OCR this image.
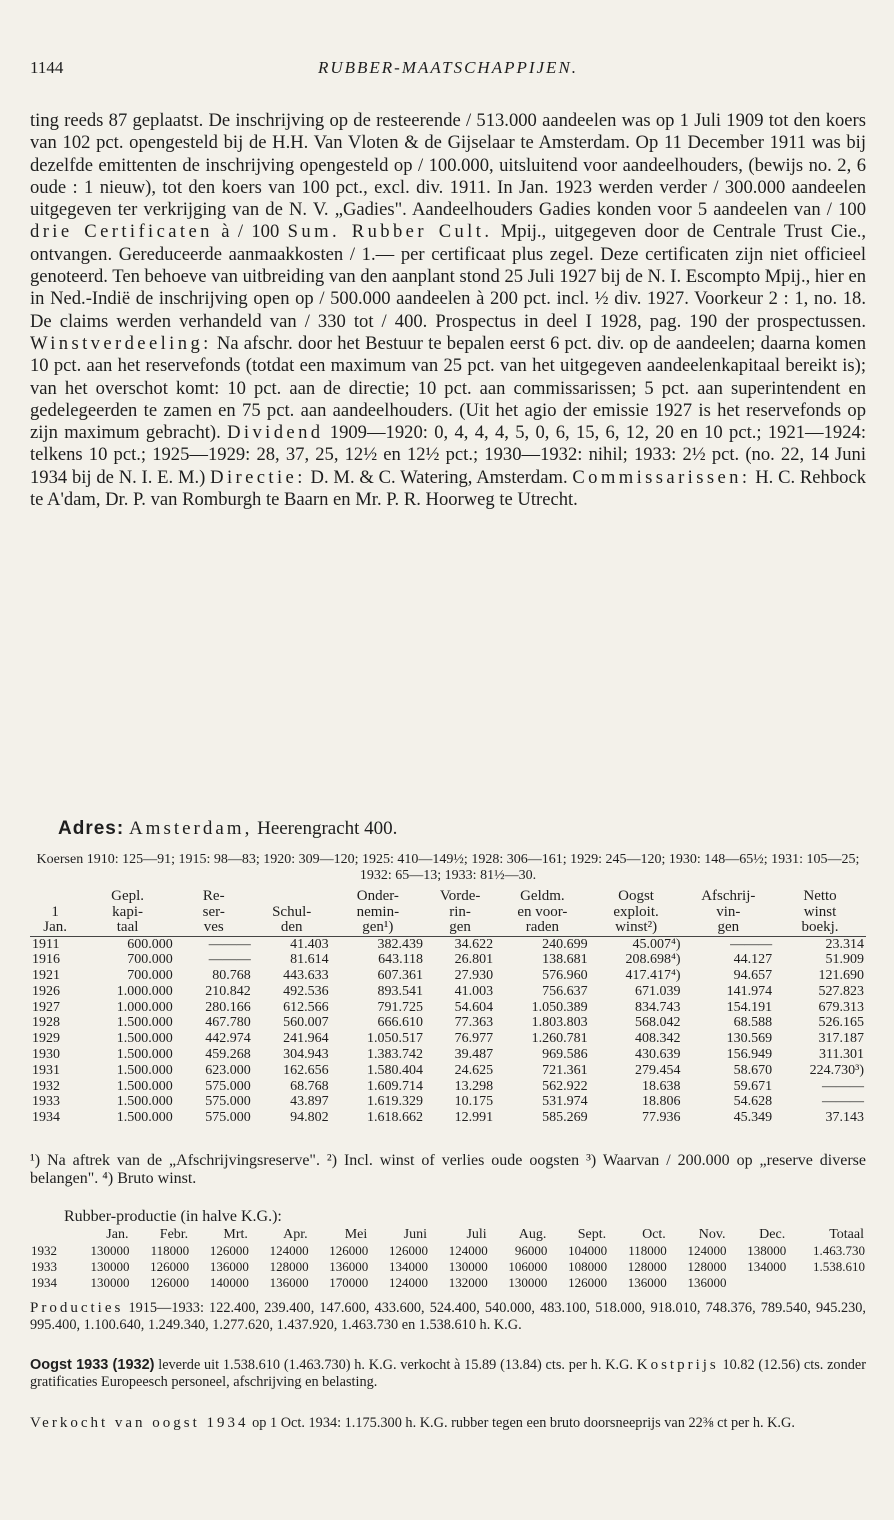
1144	RUBBER-MAATSCHAPPIJEN.

ting reeds 87 geplaatst. De inschrijving op de resteerende / 513.000 aandeelen was op 1 Juli 1909 tot den koers van 102 pct. opengesteld bij de H.H. Van Vloten & de Gijselaar te Amsterdam. Op 11 December 1911 was bij dezelfde emittenten de inschrijving opengesteld op / 100.000, uitsluitend voor aandeelhouders, (bewijs no. 2, 6 oude : 1 nieuw), tot den koers van 100 pct., excl. div. 1911. In Jan. 1923 werden verder / 300.000 aandeelen uitgegeven ter verkrijging van de N. V. „Gadies". Aandeelhouders Gadies konden voor 5 aandeelen van / 100 drie Certificaten à / 100 Sum. Rubber Cult. Mpij., uitgegeven door de Centrale Trust Cie., ontvangen. Gereduceerde aanmaakkosten / 1.— per certificaat plus zegel. Deze certificaten zijn niet officieel genoteerd. Ten behoeve van uitbreiding van den aanplant stond 25 Juli 1927 bij de N. I. Escompto Mpij., hier en in Ned.-Indië de inschrijving open op / 500.000 aandeelen à 200 pct. incl. ½ div. 1927. Voorkeur 2 : 1, no. 18. De claims werden verhandeld van / 330 tot / 400. Prospectus in deel I 1928, pag. 190 der prospectussen. Winstverdeeling: Na afschr. door het Bestuur te bepalen eerst 6 pct. div. op de aandeelen; daarna komen 10 pct. aan het reservefonds (totdat een maximum van 25 pct. van het uitgegeven aandeelenkapitaal bereikt is); van het overschot komt: 10 pct. aan de directie; 10 pct. aan commissarissen; 5 pct. aan superintendent en gedelegeerden te zamen en 75 pct. aan aandeelhouders. (Uit het agio der emissie 1927 is het reservefonds op zijn maximum gebracht). Dividend 1909—1920: 0, 4, 4, 4, 5, 0, 6, 15, 6, 12, 20 en 10 pct.; 1921—1924: telkens 10 pct.; 1925—1929: 28, 37, 25, 12½ en 12½ pct.; 1930—1932: nihil; 1933: 2½ pct. (no. 22, 14 Juni 1934 bij de N. I. E. M.) Directie: D. M. & C. Watering, Amsterdam. Commissarissen: H. C. Rehbock te A'dam, Dr. P. van Romburgh te Baarn en Mr. P. R. Hoorweg te Utrecht.

Adres: Amsterdam, Heerengracht 400.

Koersen 1910: 125—91; 1915: 98—83; 1920: 309—120; 1925: 410—149½; 1928: 306—161; 1929: 245—120; 1930: 148—65½; 1931: 105—25; 1932: 65—13; 1933: 81½—30.

	Gepl.	Re-		Onder-	Vorde-	Geldm.	Oogst	Afschrij-	Netto
1	kapi-	ser-	Schul-	nemin-	rin-	en voor-	exploit.	vin-	winst
Jan.	taal	ves	den	gen¹)	gen	raden	winst²)	gen	boekj.
1911	600.000	———	41.403	382.439	34.622	240.699	45.007⁴)	———	23.314
1916	700.000	———	81.614	643.118	26.801	138.681	208.698⁴)	44.127	51.909
1921	700.000	80.768	443.633	607.361	27.930	576.960	417.417⁴)	94.657	121.690
1926	1.000.000	210.842	492.536	893.541	41.003	756.637	671.039	141.974	527.823
1927	1.000.000	280.166	612.566	791.725	54.604	1.050.389	834.743	154.191	679.313
1928	1.500.000	467.780	560.007	666.610	77.363	1.803.803	568.042	68.588	526.165
1929	1.500.000	442.974	241.964	1.050.517	76.977	1.260.781	408.342	130.569	317.187
1930	1.500.000	459.268	304.943	1.383.742	39.487	969.586	430.639	156.949	311.301
1931	1.500.000	623.000	162.656	1.580.404	24.625	721.361	279.454	58.670	224.730³)
1932	1.500.000	575.000	68.768	1.609.714	13.298	562.922	18.638	59.671	———
1933	1.500.000	575.000	43.897	1.619.329	10.175	531.974	18.806	54.628	———
1934	1.500.000	575.000	94.802	1.618.662	12.991	585.269	77.936	45.349	37.143

¹) Na aftrek van de „Afschrijvingsreserve". ²) Incl. winst of verlies oude oogsten ³) Waarvan / 200.000 op „reserve diverse belangen". ⁴) Bruto winst.

Rubber-productie (in halve K.G.):
	Jan.	Febr.	Mrt.	Apr.	Mei	Juni	Juli	Aug.	Sept.	Oct.	Nov.	Dec.	Totaal
1932	130000	118000	126000	124000	126000	126000	124000	96000	104000	118000	124000	138000	1.463.730
1933	130000	126000	136000	128000	136000	134000	130000	106000	108000	128000	128000	134000	1.538.610
1934	130000	126000	140000	136000	170000	124000	132000	130000	126000	136000	136000		

Producties 1915—1933: 122.400, 239.400, 147.600, 433.600, 524.400, 540.000, 483.100, 518.000, 918.010, 748.376, 789.540, 945.230, 995.400, 1.100.640, 1.249.340, 1.277.620, 1.437.920, 1.463.730 en 1.538.610 h. K.G.

Oogst 1933 (1932) leverde uit 1.538.610 (1.463.730) h. K.G. verkocht à 15.89 (13.84) cts. per h. K.G. Kostprijs 10.82 (12.56) cts. zonder gratificaties Europeesch personeel, afschrijving en belasting.

Verkocht van oogst 1934 op 1 Oct. 1934: 1.175.300 h. K.G. rubber tegen een bruto doorsneeprijs van 22⅜ ct per h. K.G.
